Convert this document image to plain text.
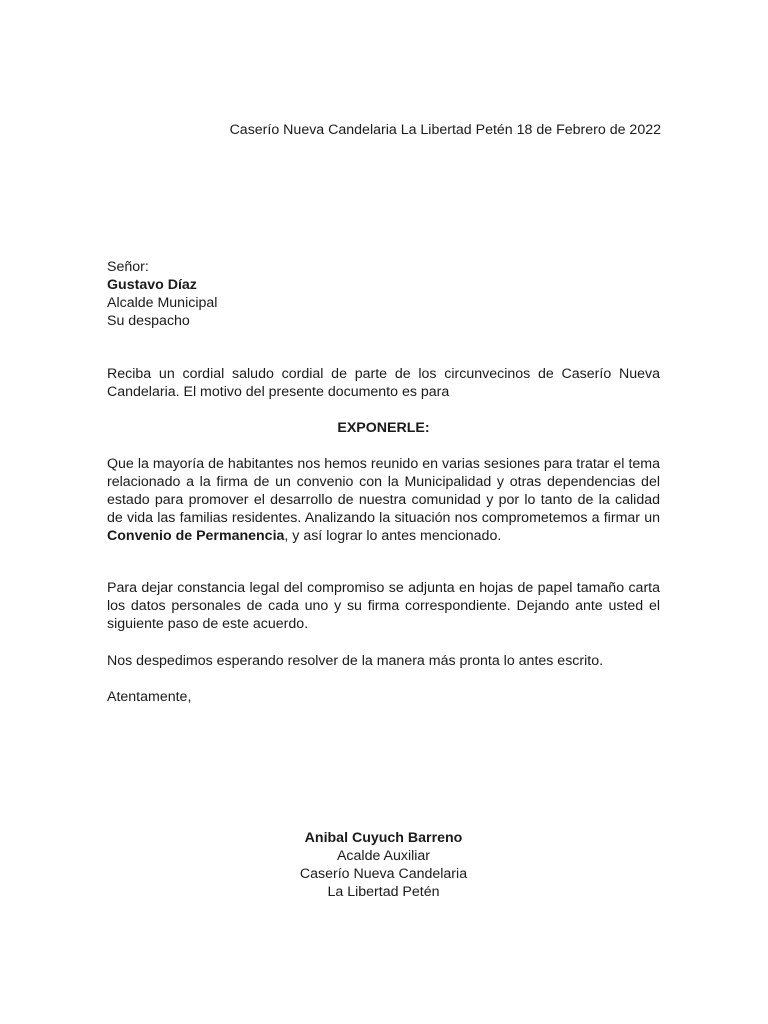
Caserío Nueva Candelaria La Libertad Petén 18 de Febrero de 2022
Señor:
Gustavo Díaz
Alcalde Municipal
Su despacho
Reciba un cordial saludo cordial de parte de los circunvecinos de Caserío Nueva Candelaria. El motivo del presente documento es para
EXPONERLE:
Que la mayoría de habitantes nos hemos reunido en varias sesiones para tratar el tema relacionado a la firma de un convenio con la Municipalidad y otras dependencias del estado para promover el desarrollo de nuestra comunidad y por lo tanto de la calidad de vida las familias residentes. Analizando la situación nos comprometemos a firmar un Convenio de Permanencia, y así lograr lo antes mencionado.
Para dejar constancia legal del compromiso se adjunta en hojas de papel tamaño carta los datos personales de cada uno y su firma correspondiente. Dejando ante usted el siguiente paso de este acuerdo.
Nos despedimos esperando resolver de la manera más pronta lo antes escrito.
Atentamente,
Anibal Cuyuch Barreno
Acalde Auxiliar
Caserío Nueva Candelaria
La Libertad Petén
